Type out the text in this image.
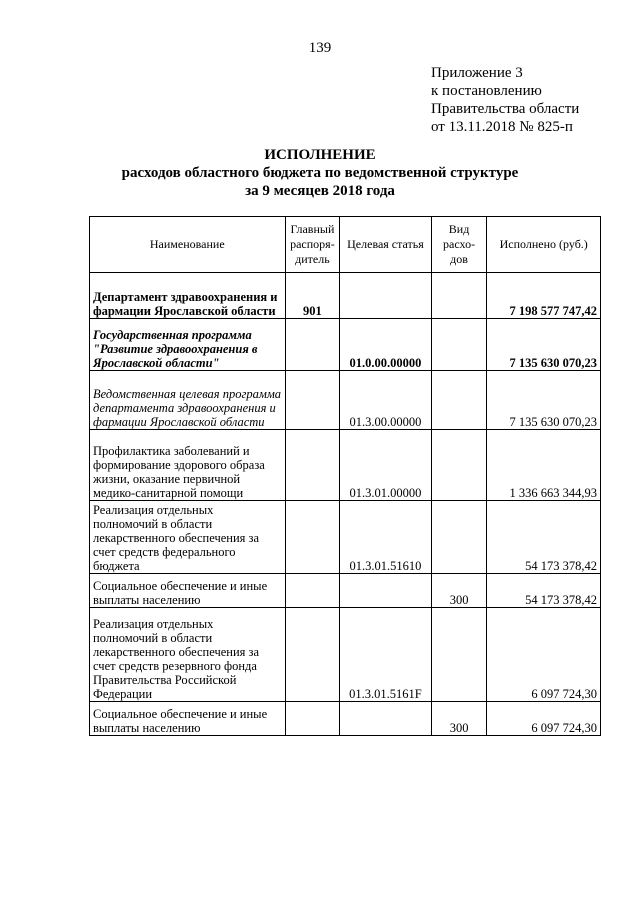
139
Приложение 3
к постановлению
Правительства области
от 13.11.2018 № 825-п
ИСПОЛНЕНИЕ
расходов областного бюджета по ведомственной структуре
за 9 месяцев 2018 года
Наименование	Главный распоря-дитель	Целевая статья	Вид расхо-дов	Исполнено (руб.)
Департамент здравоохранения и фармации Ярославской области	901			7 198 577 747,42
Государственная программа "Развитие здравоохранения в Ярославской области"		01.0.00.00000		7 135 630 070,23
Ведомственная целевая программа департамента здравоохранения и фармации Ярославской области		01.3.00.00000		7 135 630 070,23
Профилактика заболеваний и формирование здорового образа жизни, оказание первичной медико-санитарной помощи		01.3.01.00000		1 336 663 344,93
Реализация отдельных полномочий в области лекарственного обеспечения за счет средств федерального бюджета		01.3.01.51610		54 173 378,42
Социальное обеспечение и иные выплаты населению			300	54 173 378,42
Реализация отдельных полномочий в области лекарственного обеспечения за счет средств резервного фонда Правительства Российской Федерации		01.3.01.5161F		6 097 724,30
Социальное обеспечение и иные выплаты населению			300	6 097 724,30
